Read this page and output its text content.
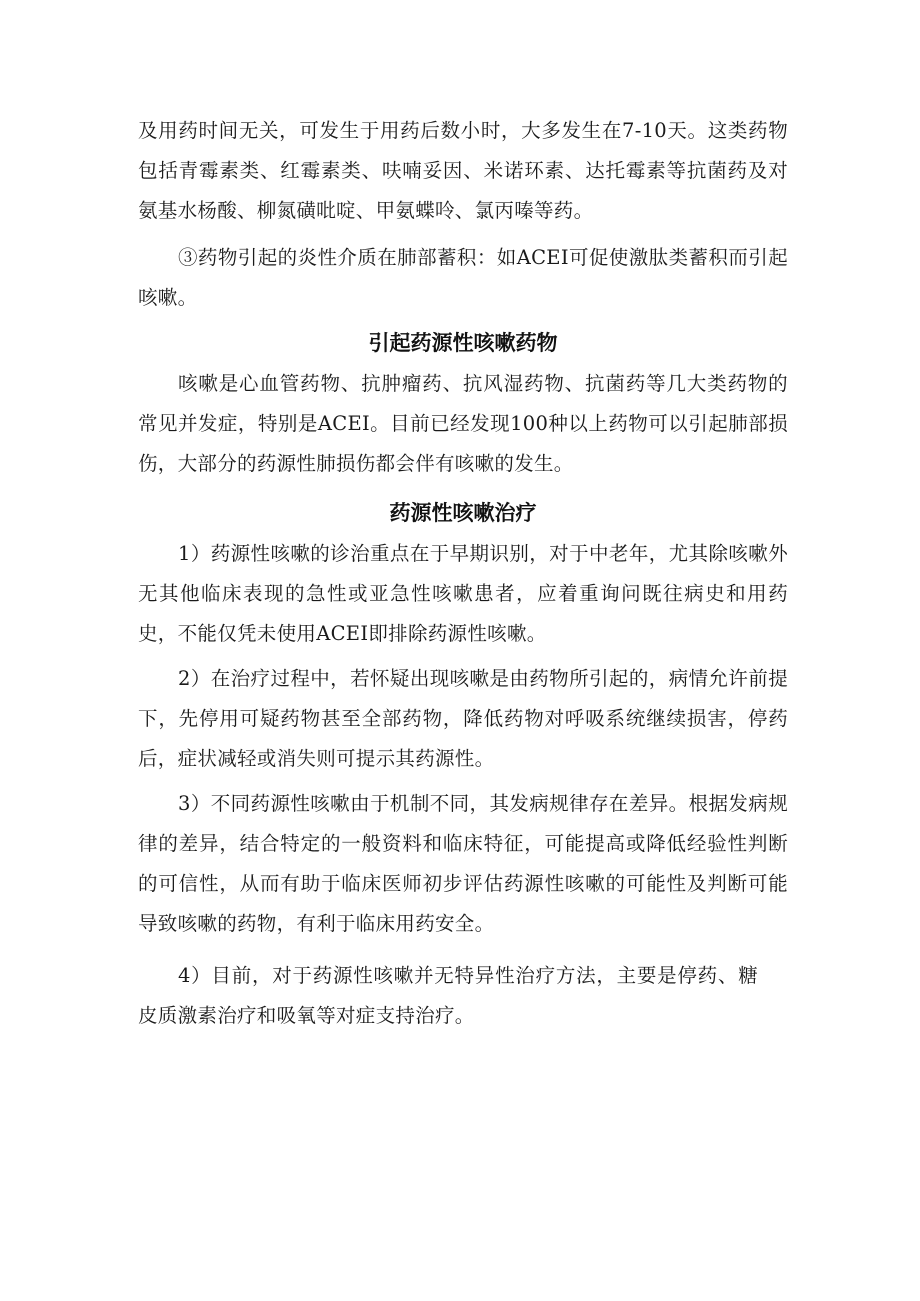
及用药时间无关，可发生于用药后数小时，大多发生在7-10天。这类药物包括青霉素类、红霉素类、呋喃妥因、米诺环素、达托霉素等抗菌药及对氨基水杨酸、柳氮磺吡啶、甲氨蝶呤、氯丙嗪等药。

③药物引起的炎性介质在肺部蓄积：如ACEI可促使激肽类蓄积而引起咳嗽。

引起药源性咳嗽药物

咳嗽是心血管药物、抗肿瘤药、抗风湿药物、抗菌药等几大类药物的常见并发症，特别是ACEI。目前已经发现100种以上药物可以引起肺部损伤，大部分的药源性肺损伤都会伴有咳嗽的发生。

药源性咳嗽治疗

1）药源性咳嗽的诊治重点在于早期识别，对于中老年，尤其除咳嗽外无其他临床表现的急性或亚急性咳嗽患者，应着重询问既往病史和用药史，不能仅凭未使用ACEI即排除药源性咳嗽。

2）在治疗过程中，若怀疑出现咳嗽是由药物所引起的，病情允许前提下，先停用可疑药物甚至全部药物，降低药物对呼吸系统继续损害，停药后，症状减轻或消失则可提示其药源性。

3）不同药源性咳嗽由于机制不同，其发病规律存在差异。根据发病规律的差异，结合特定的一般资料和临床特征，可能提高或降低经验性判断的可信性，从而有助于临床医师初步评估药源性咳嗽的可能性及判断可能导致咳嗽的药物，有利于临床用药安全。

4）目前，对于药源性咳嗽并无特异性治疗方法，主要是停药、糖皮质激素治疗和吸氧等对症支持治疗。
